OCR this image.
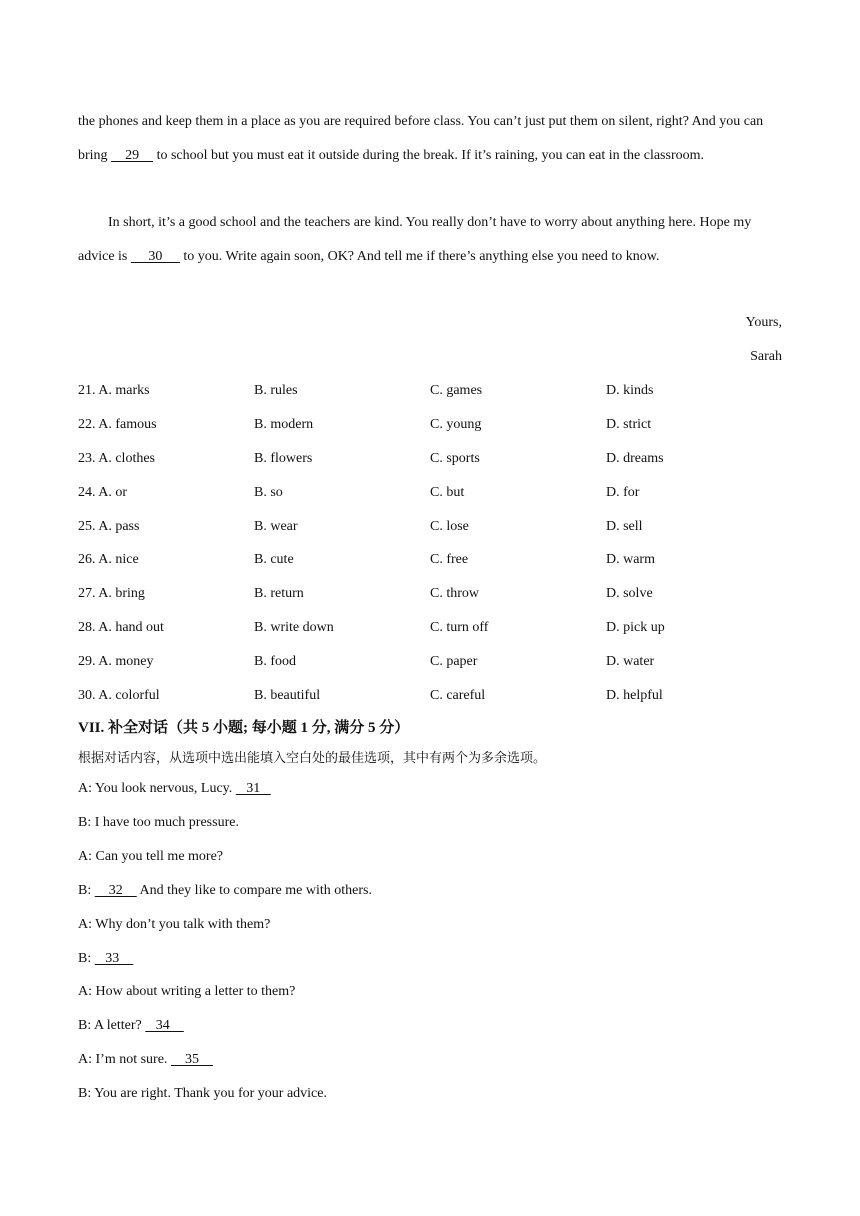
the phones and keep them in a place as you are required before class. You can’t just put them on silent, right? And you can bring     29     to school but you must eat it outside during the break. If it’s raining, you can eat in the classroom.

In short, it’s a good school and the teachers are kind. You really don’t have to worry about anything here. Hope my advice is      30      to you. Write again soon, OK? And tell me if there’s anything else you need to know.

Yours,
Sarah
21. A. marks	B. rules	C. games	D. kinds
22. A. famous	B. modern	C. young	D. strict
23. A. clothes	B. flowers	C. sports	D. dreams
24. A. or	B. so	C. but	D. for
25. A. pass	B. wear	C. lose	D. sell
26. A. nice	B. cute	C. free	D. warm
27. A. bring	B. return	C. throw	D. solve
28. A. hand out	B. write down	C. turn off	D. pick up
29. A. money	B. food	C. paper	D. water
30. A. colorful	B. beautiful	C. careful	D. helpful
VII. 补全对话（共 5 小题; 每小题 1 分, 满分 5 分）
根据对话内容，从选项中选出能填入空白处的最佳选项，其中有两个为多余选项。
A: You look nervous, Lucy.    31
B: I have too much pressure.
A: Can you tell me more?
B:     32     And they like to compare me with others.
A: Why don’t you talk with them?
B:    33
A: How about writing a letter to them?
B: A letter?    34
A: I’m not sure.     35
B: You are right. Thank you for your advice.
